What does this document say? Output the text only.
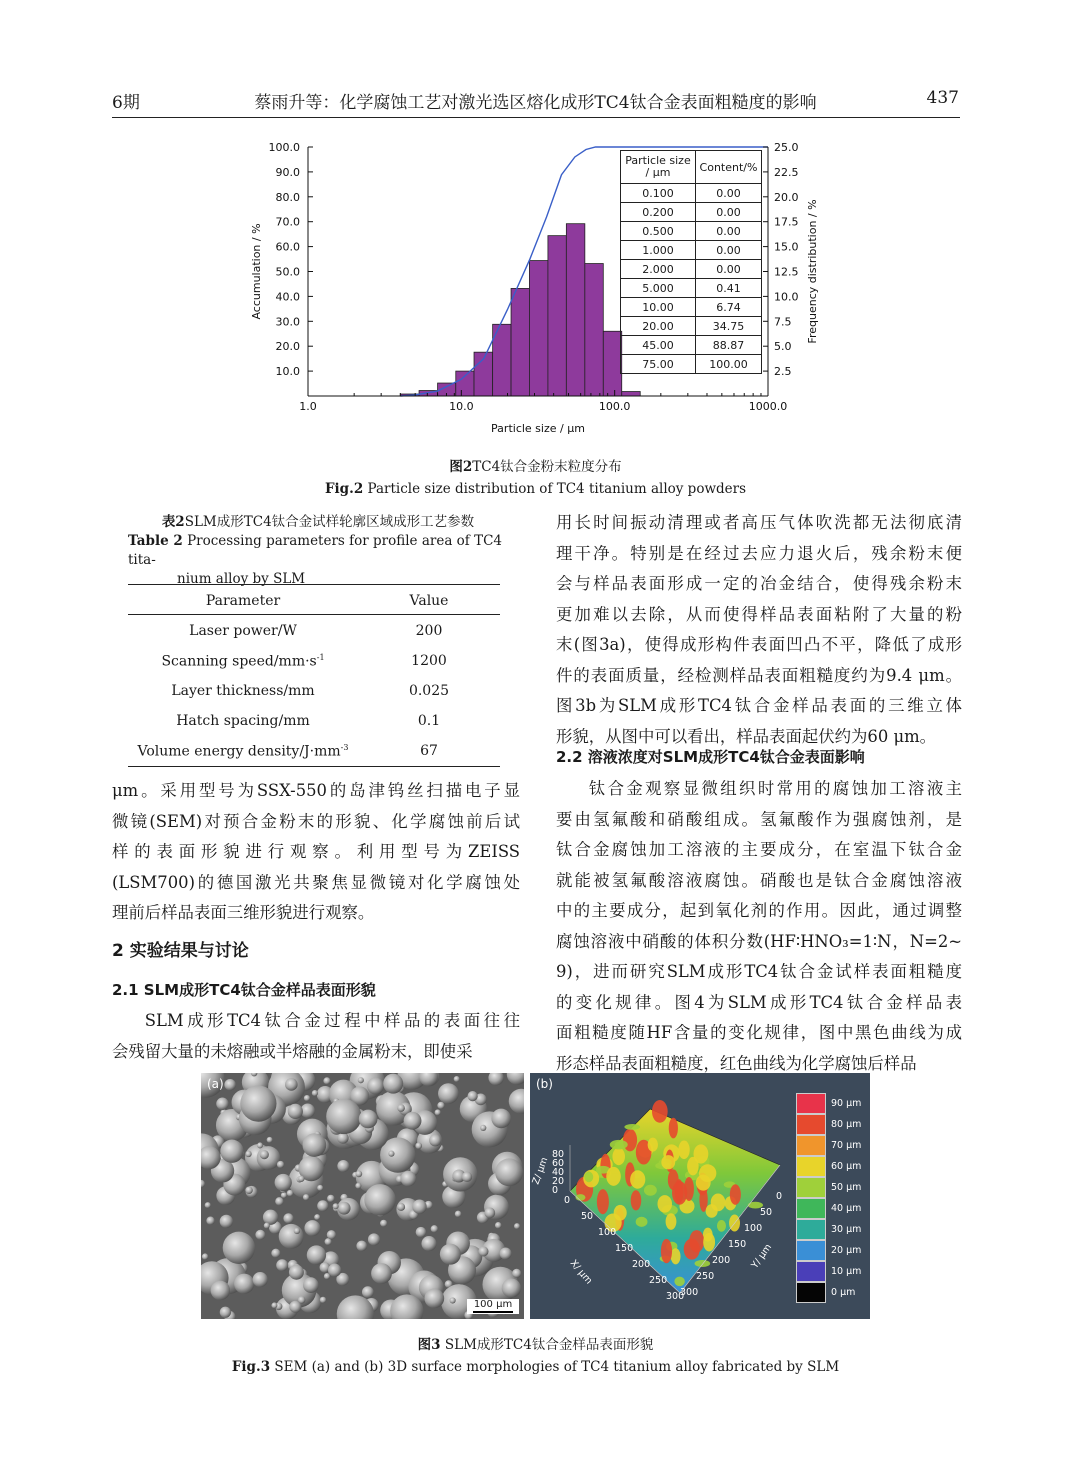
6期	蔡雨升等：化学腐蚀工艺对激光选区熔化成形TC4钛合金表面粗糙度的影响	437
100.0
90.0
80.0
70.0
60.0
50.0
40.0
30.0
20.0
10.0
25.0
22.5
20.0
17.5
15.0
12.5
10.0
7.5
5.0
2.5
1.0	10.0	100.0	1000.0
Particle size / μm
Accumulation / %	Frequency distribution / %
Particle size / μm	Content/%
0.100	0.00
0.200	0.00
0.500	0.00
1.000	0.00
2.000	0.00
5.000	0.41
10.00	6.74
20.00	34.75
45.00	88.87
75.00	100.00
图2TC4钛合金粉末粒度分布
Fig.2 Particle size distribution of TC4 titanium alloy powders
表2SLM成形TC4钛合金试样轮廓区域成形工艺参数
Table 2 Processing parameters for profile area of TC4 tita-
nium alloy by SLM
Parameter	Value
Laser power/W	200
Scanning speed/$mm\cdot s^{-1}$	1200
Layer thickness/mm	0.025
Hatch spacing/mm	0.1
Volume energy density/$J\cdot mm^{-3}$	67
μm。采用型号为SSX-550的岛津钨丝扫描电子显
微镜(SEM)对预合金粉末的形貌、化学腐蚀前后试
样的表面形貌进行观察。利用型号为ZEISS
(LSM700)的德国激光共聚焦显微镜对化学腐蚀处
理前后样品表面三维形貌进行观察。
2 实验结果与讨论
2.1 SLM成形TC4钛合金样品表面形貌
SLM成形TC4钛合金过程中样品的表面往往
会残留大量的未熔融或半熔融的金属粉末，即使采
用长时间振动清理或者高压气体吹洗都无法彻底清
理干净。特别是在经过去应力退火后，残余粉末便
会与样品表面形成一定的冶金结合，使得残余粉末
更加难以去除，从而使得样品表面粘附了大量的粉
末(图3a)，使得成形构件表面凹凸不平，降低了成形
件的表面质量，经检测样品表面粗糙度约为9.4 μm。
图3b为SLM成形TC4钛合金样品表面的三维立体
形貌，从图中可以看出，样品表面起伏约为60 μm。
2.2 溶液浓度对SLM成形TC4钛合金表面影响
钛合金观察显微组织时常用的腐蚀加工溶液主
要由氢氟酸和硝酸组成。氢氟酸作为强腐蚀剂，是
钛合金腐蚀加工溶液的主要成分，在室温下钛合金
就能被氢氟酸溶液腐蚀。硝酸也是钛合金腐蚀溶液
中的主要成分，起到氧化剂的作用。因此，通过调整
腐蚀溶液中硝酸的体积分数(HF∶HNO₃=1∶N，N=2~
9)，进而研究SLM成形TC4钛合金试样表面粗糙度
的变化规律。图4为SLM成形TC4钛合金样品表
面粗糙度随HF含量的变化规律，图中黑色曲线为成
形态样品表面粗糙度，红色曲线为化学腐蚀后样品
(a)
100 μm
80
60
40
20
0
Z/ μm
0
50
100
150
200
250
300
X/ μm
0
50
100
150
200
250
300
Y/ μm
(b)
90 μm
80 μm
70 μm
60 μm
50 μm
40 μm
30 μm
20 μm
10 μm
0 μm
图3 SLM成形TC4钛合金样品表面形貌
Fig.3 SEM (a) and (b) 3D surface morphologies of TC4 titanium alloy fabricated by SLM
